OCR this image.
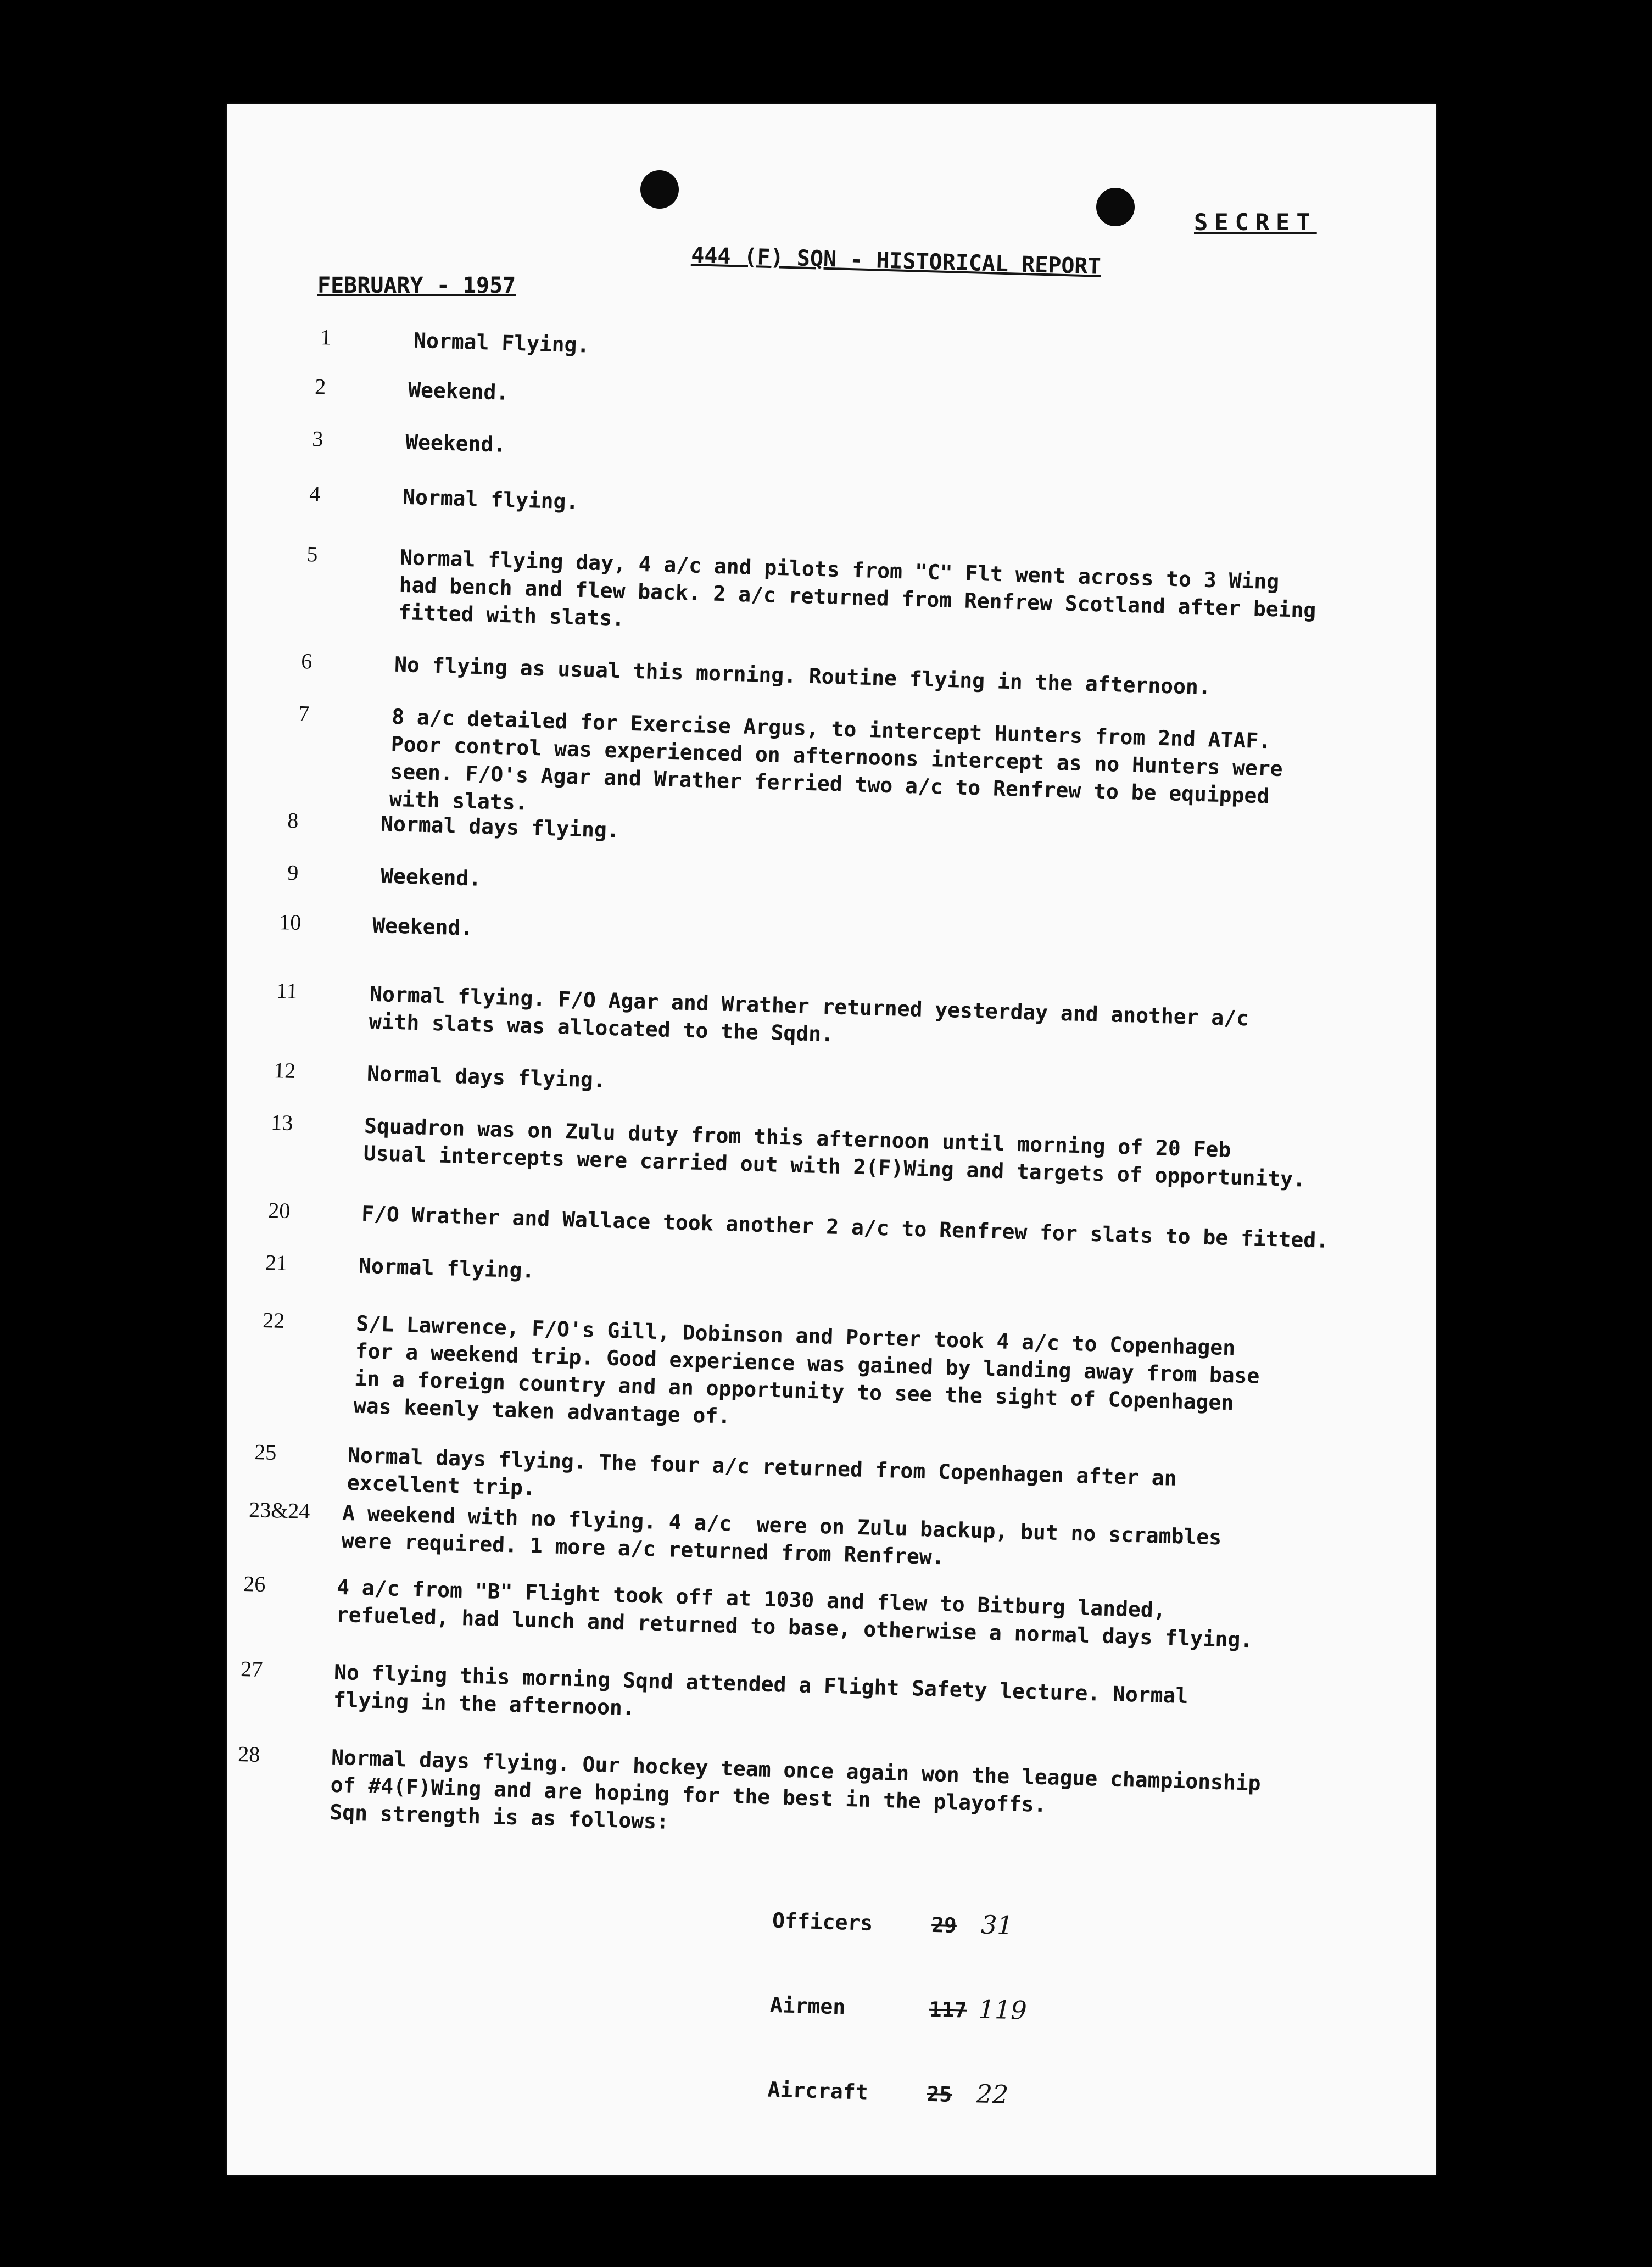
SECRET
444 (F) SQN - HISTORICAL REPORT
FEBRUARY - 1957
1	Normal Flying.
2	Weekend.
3	Weekend.
4	Normal flying.
5	Normal flying day, 4 a/c and pilots from "C" Flt went across to 3 Wing
had bench and flew back. 2 a/c returned from Renfrew Scotland after being
fitted with slats.
6	No flying as usual this morning. Routine flying in the afternoon.
7	8 a/c detailed for Exercise Argus, to intercept Hunters from 2nd ATAF.
Poor control was experienced on afternoons intercept as no Hunters were
seen. F/O's Agar and Wrather ferried two a/c to Renfrew to be equipped
with slats.
8	Normal days flying.
9	Weekend.
10	Weekend.
11	Normal flying. F/O Agar and Wrather returned yesterday and another a/c
with slats was allocated to the Sqdn.
12	Normal days flying.
13	Squadron was on Zulu duty from this afternoon until morning of 20 Feb
Usual intercepts were carried out with 2(F)Wing and targets of opportunity.
20	F/O Wrather and Wallace took another 2 a/c to Renfrew for slats to be fitted.
21	Normal flying.
22	S/L Lawrence, F/O's Gill, Dobinson and Porter took 4 a/c to Copenhagen
for a weekend trip. Good experience was gained by landing away from base
in a foreign country and an opportunity to see the sight of Copenhagen
was keenly taken advantage of.
25	Normal days flying. The four a/c returned from Copenhagen after an
excellent trip.
23&24	A weekend with no flying. 4 a/c  were on Zulu backup, but no scrambles
were required. 1 more a/c returned from Renfrew.
26	4 a/c from "B" Flight took off at 1030 and flew to Bitburg landed,
refueled, had lunch and returned to base, otherwise a normal days flying.
27	No flying this morning Sqnd attended a Flight Safety lecture. Normal
flying in the afternoon.
28	Normal days flying. Our hockey team once again won the league championship
of #4(F)Wing and are hoping for the best in the playoffs.
Sqn strength is as follows:

Officers	29 31

Airmen	117 119

Aircraft	25 22
